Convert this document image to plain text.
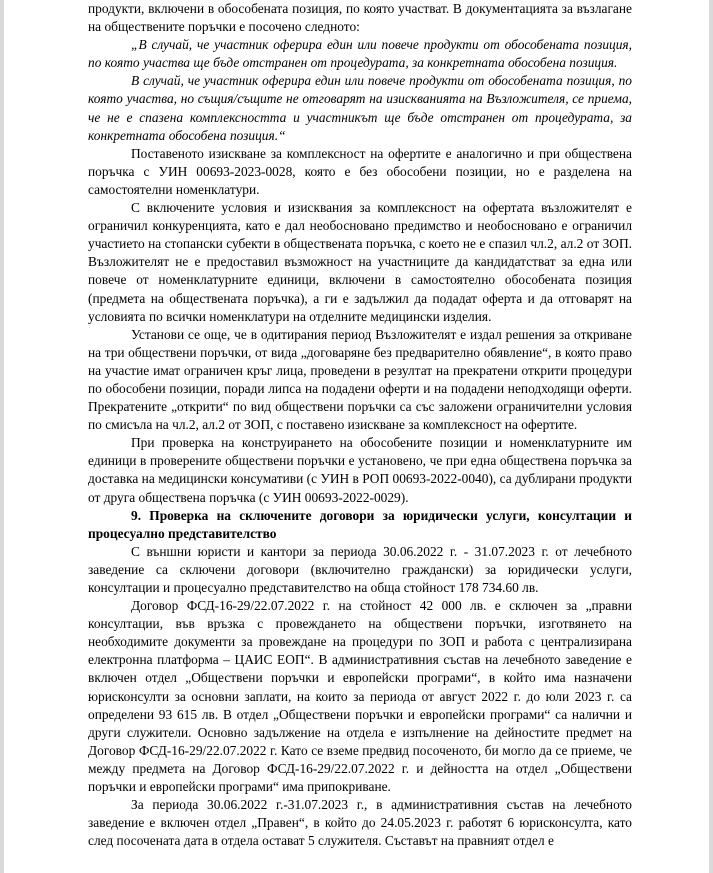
продукти, включени в обособената позиция, по която участват. В документацията за възлагане на обществените поръчки е посочено следното:

„В случай, че участник оферира един или повече продукти от обособената позиция, по която участва ще бъде отстранен от процедурата, за конкретната обособена позиция.

В случай, че участник оферира един или повече продукти от обособената позиция, по която участва, но същия/същите не отговарят на изискванията на Възложителя, се приема, че не е спазена комплексността и участникът ще бъде отстранен от процедурата, за конкретната обособена позиция.“

Поставеното изискване за комплексност на офертите е аналогично и при обществена поръчка с УИН 00693-2023-0028, която е без обособени позиции, но е разделена на самостоятелни номенклатури.

С включените условия и изисквания за комплексност на офертата възложителят е ограничил конкуренцията, като е дал необосновано предимство и необосновано е ограничил участието на стопански субекти в обществената поръчка, с което не е спазил чл.2, ал.2 от ЗОП. Възложителят не е предоставил възможност на участниците да кандидатстват за една или повече от номенклатурните единици, включени в самостоятелно обособената позиция (предмета на обществената поръчка), а ги е задължил да подадат оферта и да отговарят на условията по всички номенклатури на отделните медицински изделия.

Установи се още, че в одитирания период Възложителят е издал решения за откриване на три обществени поръчки, от вида „договаряне без предварително обявление“, в която право на участие имат ограничен кръг лица, проведени в резултат на прекратени открити процедури по обособени позиции, поради липса на подадени оферти и на подадени неподходящи оферти. Прекратените „открити“ по вид обществени поръчки са със заложени ограничителни условия по смисъла на чл.2, ал.2 от ЗОП, с поставено изискване за комплексност на офертите.

При проверка на конструирането на обособените позиции и номенклатурните им единици в проверените обществени поръчки е установено, че при една обществена поръчка за доставка на медицински консумативи (с УИН в РОП 00693-2022-0040), са дублирани продукти от друга обществена поръчка (с УИН 00693-2022-0029).

9. Проверка на сключените договори за юридически услуги, консултации и процесуално представителство

С външни юристи и кантори за периода 30.06.2022 г. - 31.07.2023 г. от лечебното заведение са сключени договори (включително граждански) за юридически услуги, консултации и процесуално представителство на обща стойност 178 734.60 лв.

Договор ФСД-16-29/22.07.2022 г. на стойност 42 000 лв. е сключен за „правни консултации, във връзка с провеждането на обществени поръчки, изготвянето на необходимите документи за провеждане на процедури по ЗОП и работа с централизирана електронна платформа – ЦАИС ЕОП“. В административния състав на лечебното заведение е включен отдел „Обществени поръчки и европейски програми“, в който има назначени юрисконсулти за основни заплати, на които за периода от август 2022 г. до юли 2023 г. са определени 93 615 лв. В отдел „Обществени поръчки и европейски програми“ са налични и други служители. Основно задължение на отдела е изпълнение на дейностите предмет на Договор ФСД-16-29/22.07.2022 г. Като се вземе предвид посоченото, би могло да се приеме, че между предмета на Договор ФСД-16-29/22.07.2022 г. и дейността на отдел „Обществени поръчки и европейски програми“ има припокриване.

За периода 30.06.2022 г.-31.07.2023 г., в административния състав на лечебното заведение е включен отдел „Правен“, в който до 24.05.2023 г. работят 6 юрисконсулта, като след посочената дата в отдела остават 5 служителя. Съставът на правният отдел е
